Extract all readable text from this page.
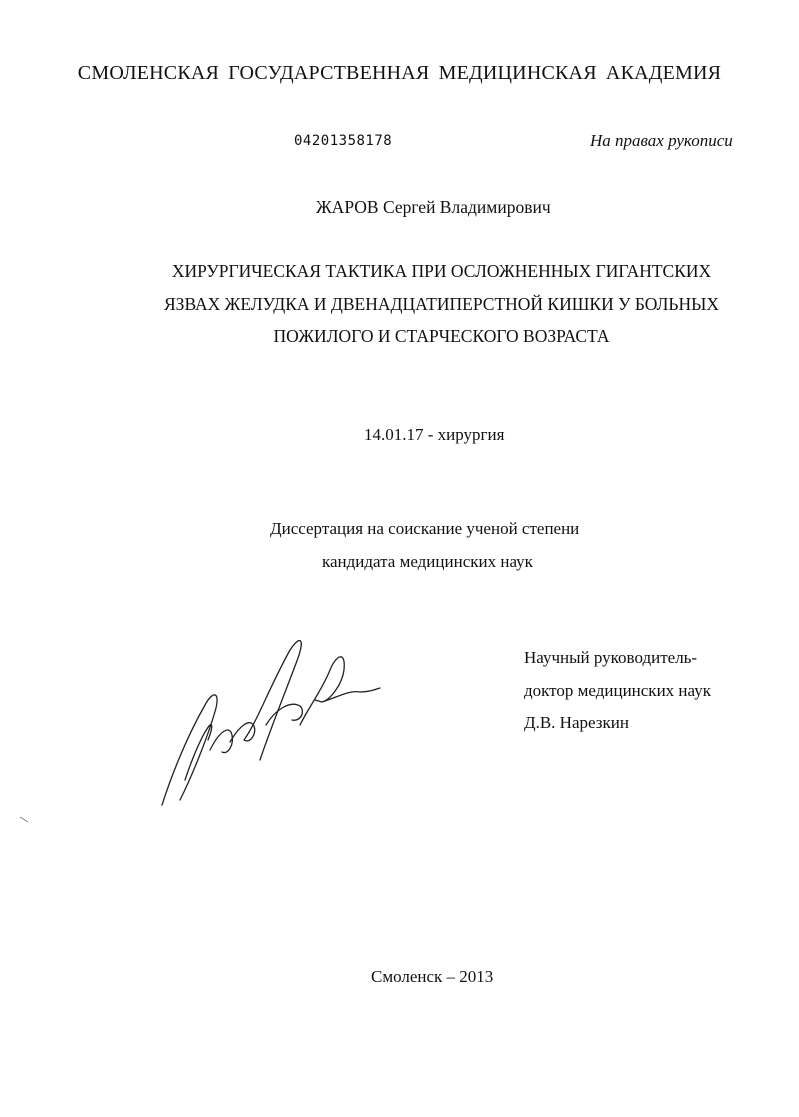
СМОЛЕНСКАЯ ГОСУДАРСТВЕННАЯ МЕДИЦИНСКАЯ АКАДЕМИЯ
04201358178	На правах рукописи
ЖАРОВ Сергей Владимирович
ХИРУРГИЧЕСКАЯ ТАКТИКА ПРИ ОСЛОЖНЕННЫХ ГИГАНТСКИХ
ЯЗВАХ ЖЕЛУДКА И ДВЕНАДЦАТИПЕРСТНОЙ КИШКИ У БОЛЬНЫХ
ПОЖИЛОГО И СТАРЧЕСКОГО ВОЗРАСТА
14.01.17 - хирургия
Диссертация на соискание ученой степени
кандидата медицинских наук
Научный руководитель-
доктор медицинских наук
Д.В. Нарезкин
Смоленск – 2013
